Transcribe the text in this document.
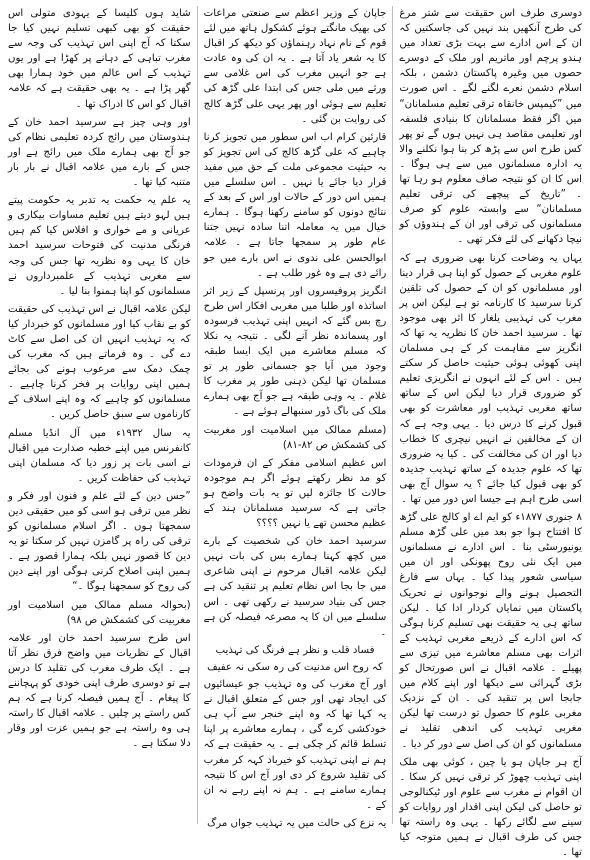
دوسری طرف اس حقیقت سے شتر مرغ کی طرح آنکھیں بند نہیں کی جاسکتیں کہ ان کے اس ادارے سے بہت بڑی تعداد میں ہندو پرچم اور ماتریم اور ملک کے دوسرے حصوں میں وغیرہ پاکستان دشمن ، بلکہ اسلام دشمن نعرے لگنے لگے ۔ اس صورت میں ”کیمپس خانقاہ ترقی تعلیم مسلمانان“ میں اگر فقط مسلمانان کا بنیادی فلسفہ اور تعلیمی مقاصد ہی نہیں ہوں گے تو پھر کس طرح اس سے پڑھ کر بنا ہوا نکلنے والا یہ ادارہ مسلمانوں میں سے ہی ہوگا ۔ اس کا ان کو نتیجہ صاف معلوم ہو رہا تھا ۔ ”تاریخ کے پیچھے کی ترقی تعلیم مسلمانان“ سے وابستہ علوم کو صرف مسلمانوں کی ترقی اور ان کے ہندوؤں کو نیچا دکھانے کی لئے فکر تھی ۔

یہاں یہ وضاحت کرنا بھی ضروری ہے کہ علوم مغربی کے حصول کو اپنا ہی قرار دینا اور مسلمانوں کو ان کے حصول کی تلقین کرنا سرسید کا کارنامہ تو ہے لیکن اس پر مغرب کی تہذیبی یلغار کا اثر بھی موجود تھا ۔ سرسید احمد خان کا نظریہ یہ تھا کہ انگریز سے مفاہمت کر کے ہی مسلمان اپنی کھوئی ہوئی حیثیت حاصل کر سکتے ہیں ۔ اس کے لئے انہوں نے انگریزی تعلیم کو ضروری قرار دیا لیکن اس کے ساتھ ساتھ مغربی تہذیب اور معاشرت کو بھی قبول کرنے کا درس دیا ۔ یہی وجہ ہے کہ ان کے مخالفین نے انہیں نیچری کا خطاب دیا اور ان کی مخالفت کی ۔ کیا یہ ضروری تھا کہ علوم جدیدہ کے ساتھ تہذیب جدیدہ کو بھی قبول کیا جائے ؟ یہ سوال آج بھی اسی طرح اہم ہے جیسا اس دور میں تھا ۔

۸ جنوری ۱۸۷۷ء کو ایم اے او کالج علی گڑھ کا افتتاح ہوا جو بعد میں علی گڑھ مسلم یونیورسٹی بنا ۔ اس ادارے نے مسلمانوں میں ایک نئی روح پھونکی اور ان میں سیاسی شعور پیدا کیا ۔ یہاں سے فارغ التحصیل ہونے والے نوجوانوں نے تحریک پاکستان میں نمایاں کردار ادا کیا ۔ لیکن ساتھ ہی یہ حقیقت بھی تسلیم کرنا ہوگی کہ اس ادارے کے ذریعے مغربی تہذیب کے اثرات بھی مسلم معاشرے میں تیزی سے پھیلے ۔ علامہ اقبال نے اس صورتحال کو بڑی گہرائی سے دیکھا اور اپنے کلام میں جابجا اس پر تنقید کی ۔ ان کے نزدیک مغربی علوم کا حصول تو درست تھا لیکن مغربی تہذیب کی اندھی تقلید نے مسلمانوں کو ان کی اصل سے دور کر دیا ۔

آج ہر جاپان ہو یا چین ، کوئی بھی ملک اپنی تہذیب چھوڑ کر ترقی نہیں کر سکا ۔ ان اقوام نے مغرب سے علوم اور ٹیکنالوجی تو حاصل کی لیکن اپنی اقدار اور روایات کو سینے سے لگائے رکھا ۔ یہی وہ راستہ تھا جس کی طرف اقبال نے ہمیں متوجہ کیا تھا ۔

جاپان کے وزیر اعظم سے صنعتی مراعات کی بھیک مانگتے ہوئے کشکول ہاتھ میں لئے قوم کے نام نہاد رہنماؤں کو دیکھ کر اقبال کا یہ شعر یاد آتا ہے ۔ یہ ان کی وہ عادت ہے جو انہیں مغرب کی اس غلامی سے ورثے میں ملی جس کی ابتدا علی گڑھ کی تعلیم سے ہوئی اور پھر یہی علی گڑھ کالج کی روایت بن گئی ۔

قارئین کرام اب اس سطور میں تجویز کرنا چاہیے کہ علی گڑھ کالج کی اس تجویز کو بہ حیثیت مجموعی ملت کے حق میں مفید قرار دیا جائے یا نہیں ۔ اس سلسلے میں ہمیں اس دور کے حالات اور اس کے بعد کے نتائج دونوں کو سامنے رکھنا ہوگا ۔ ہمارے خیال میں یہ معاملہ اتنا سادہ نہیں جتنا عام طور پر سمجھا جاتا ہے ۔ علامہ ابوالحسن علی ندوی نے اس بارے میں جو رائے دی ہے وہ غور طلب ہے ۔

انگریز پروفیسروں اور پرنسپل کے زیر اثر اساتذہ اور طلبا میں مغربی افکار اس طرح رچ بس گئے کہ انہیں اپنی تہذیب فرسودہ اور پسماندہ نظر آنے لگی ۔ نتیجہ یہ نکلا کہ مسلم معاشرے میں ایک ایسا طبقہ وجود میں آیا جو جسمانی طور پر تو مسلمان تھا لیکن ذہنی طور پر مغرب کا غلام ۔ یہ وہی طبقہ ہے جو آج بھی ہمارے ملک کی باگ ڈور سنبھالے ہوئے ہے ۔

(مسلم ممالک میں اسلامیت اور مغربیت کی کشمکش ص ۸۲-۸۱)

اس عظیم اسلامی مفکر کے ان فرمودات کو مد نظر رکھتے ہوئے اگر ہم موجودہ حالات کا جائزہ لیں تو یہ بات واضح ہو جاتی ہے کہ سرسید مسلمانان ہند کے عظیم محسن تھے یا نہیں ؟؟؟؟

سرسید احمد خان کی شخصیت کے بارے میں کچھ کہنا ہمارے بس کی بات نہیں لیکن علامہ اقبال مرحوم نے اپنی شاعری میں جا بجا اس نظام تعلیم پر تنقید کی ہے جس کی بنیاد سرسید نے رکھی تھی ۔ اس سلسلے میں ان کا یہ مصرعہ فیصلہ کن ہے ۔

فساد قلب و نظر ہے فرنگ کی تہذیب

کہ روح اس مدنیت کی رہ سکی نہ عفیف

اور آج مغرب کی وہ تہذیب جو عیسائیوں کی ایجاد تھی اور جس کے متعلق اقبال نے یہ کہا تھا کہ وہ اپنے خنجر سے آپ ہی خودکشی کرے گی ، ہمارے معاشرے پر اپنا تسلط قائم کر چکی ہے ۔ یہ حقیقت ہے کہ ہم نے اپنی تہذیب کو خیرباد کہہ کر مغرب کی تقلید شروع کر دی اور آج اس کا نتیجہ ہمارے سامنے ہے ۔ ہم نہ اپنے رہے نہ ان کے ۔

یہ نزع کی حالت میں یہ تہذیب جواں مرگ

شاید ہوں کلیسا کے یہودی متولی اس حقیقت کو بھی کبھی تسلیم نہیں کیا جا سکتا کہ آج اپنی اس تہذیب کی وجہ سے مغرب تباہی کے دہانے پر کھڑا ہے اور یوں تہذیب کے اس عالم میں خود ہمارا بھی گھر پڑا ہے ۔ یہ بھی حقیقت ہے کہ علامہ اقبال کو اس کا ادراک تھا ۔

اور وہی چیز ہے سرسید احمد خان کے ہندوستان میں رائج کردہ تعلیمی نظام کی جو آج بھی ہمارے ملک میں رائج ہے اور جس کے بارے میں علامہ اقبال نے بار بار متنبہ کیا تھا ۔

یہ علم یہ حکمت یہ تدبر یہ حکومت پیتے ہیں لہو دیتے ہیں تعلیم مساوات بیکاری و عریانی و مے خواری و افلاس کیا کم ہیں فرنگی مدنیت کی فتوحات سرسید احمد خان کا یہی وہ نظریہ تھا جس کی وجہ سے مغربی تہذیب کے علمبرداروں نے مسلمانوں کو اپنا ہمنوا بنا لیا ۔

لیکن علامہ اقبال نے اس تہذیب کی حقیقت کو بے نقاب کیا اور مسلمانوں کو خبردار کیا کہ یہ تہذیب انہیں ان کی اصل سے کاٹ دے گی ۔ وہ فرماتے ہیں کہ مغرب کی چمک دمک سے مرعوب ہونے کی بجائے ہمیں اپنی روایات پر فخر کرنا چاہیے ۔ مسلمانوں کو چاہیے کہ وہ اپنے اسلاف کے کارناموں سے سبق حاصل کریں ۔

یہ سال ۱۹۳۲ء میں آل انڈیا مسلم کانفرنس میں اپنے خطبہ صدارت میں اقبال نے اسی بات پر زور دیا کہ مسلمان اپنی تہذیب کی حفاظت کریں ۔

”جس دین کے لئے علم و فنون اور فکر و نظر میں ترقی ہو اسی کو میں حقیقی دین سمجھتا ہوں ۔ اگر اسلام مسلمانوں کو ترقی کی راہ پر گامزن نہیں کر سکتا تو یہ دین کا قصور نہیں بلکہ ہمارا قصور ہے ۔ ہمیں اپنی اصلاح کرنی ہوگی اور اپنے دین کی روح کو سمجھنا ہوگا ۔“

(بحوالہ مسلم ممالک میں اسلامیت اور مغربیت کی کشمکش ص ۹۸)

اس طرح سرسید احمد خان اور علامہ اقبال کے نظریات میں واضح فرق نظر آتا ہے ۔ ایک طرف مغرب کی تقلید کا درس ہے تو دوسری طرف اپنی خودی کو پہچاننے کا پیغام ۔ آج ہمیں فیصلہ کرنا ہے کہ ہم کس راستے پر چلیں ۔ علامہ اقبال کا راستہ ہی وہ راستہ ہے جو ہمیں عزت اور وقار دلا سکتا ہے ۔
